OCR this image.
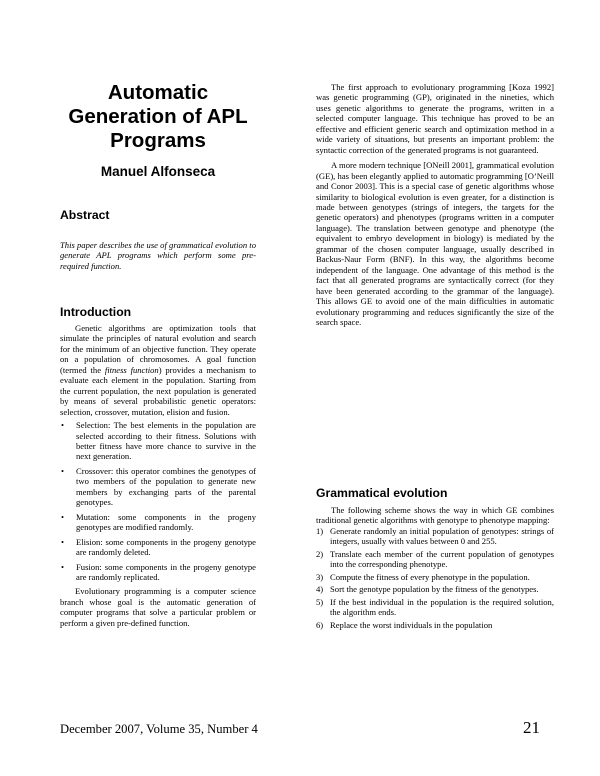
Automatic Generation of APL Programs
Manuel Alfonseca
Abstract

This paper describes the use of grammatical evolution to generate APL programs which perform some pre-required function.

Introduction

Genetic algorithms are optimization tools that simulate the principles of natural evolution and search for the minimum of an objective function. They operate on a population of chromosomes. A goal function (termed the fitness function) provides a mechanism to evaluate each element in the population. Starting from the current population, the next population is generated by means of several probabilistic genetic operators: selection, crossover, mutation, elision and fusion.

• Selection: The best elements in the population are selected according to their fitness. Solutions with better fitness have more chance to survive in the next generation.
• Crossover: this operator combines the genotypes of two members of the population to generate new members by exchanging parts of the parental genotypes.
• Mutation: some components in the progeny genotypes are modified randomly.
• Elision: some components in the progeny genotype are randomly deleted.
• Fusion: some components in the progeny genotype are randomly replicated.

Evolutionary programming is a computer science branch whose goal is the automatic generation of computer programs that solve a particular problem or perform a given pre-defined function.

The first approach to evolutionary programming [Koza 1992] was genetic programming (GP), originated in the nineties, which uses genetic algorithms to generate the programs, written in a selected computer language. This technique has proved to be an effective and efficient generic search and optimization method in a wide variety of situations, but presents an important problem: the syntactic correction of the generated programs is not guaranteed.

A more modern technique [ONeill 2001], grammatical evolution (GE), has been elegantly applied to automatic programming [O’Neill and Conor 2003]. This is a special case of genetic algorithms whose similarity to biological evolution is even greater, for a distinction is made between genotypes (strings of integers, the targets for the genetic operators) and phenotypes (programs written in a computer language). The translation between genotype and phenotype (the equivalent to embryo development in biology) is mediated by the grammar of the chosen computer language, usually described in Backus-Naur Form (BNF). In this way, the algorithms become independent of the language. One advantage of this method is the fact that all generated programs are syntactically correct (for they have been generated according to the grammar of the language). This allows GE to avoid one of the main difficulties in automatic evolutionary programming and reduces significantly the size of the search space.

Grammatical evolution

The following scheme shows the way in which GE combines traditional genetic algorithms with genotype to phenotype mapping:

1) Generate randomly an initial population of genotypes: strings of integers, usually with values between 0 and 255.
2) Translate each member of the current population of genotypes into the corresponding phenotype.
3) Compute the fitness of every phenotype in the population.
4) Sort the genotype population by the fitness of the genotypes.
5) If the best individual in the population is the required solution, the algorithm ends.
6) Replace the worst individuals in the population
December 2007, Volume 35, Number 4	21
